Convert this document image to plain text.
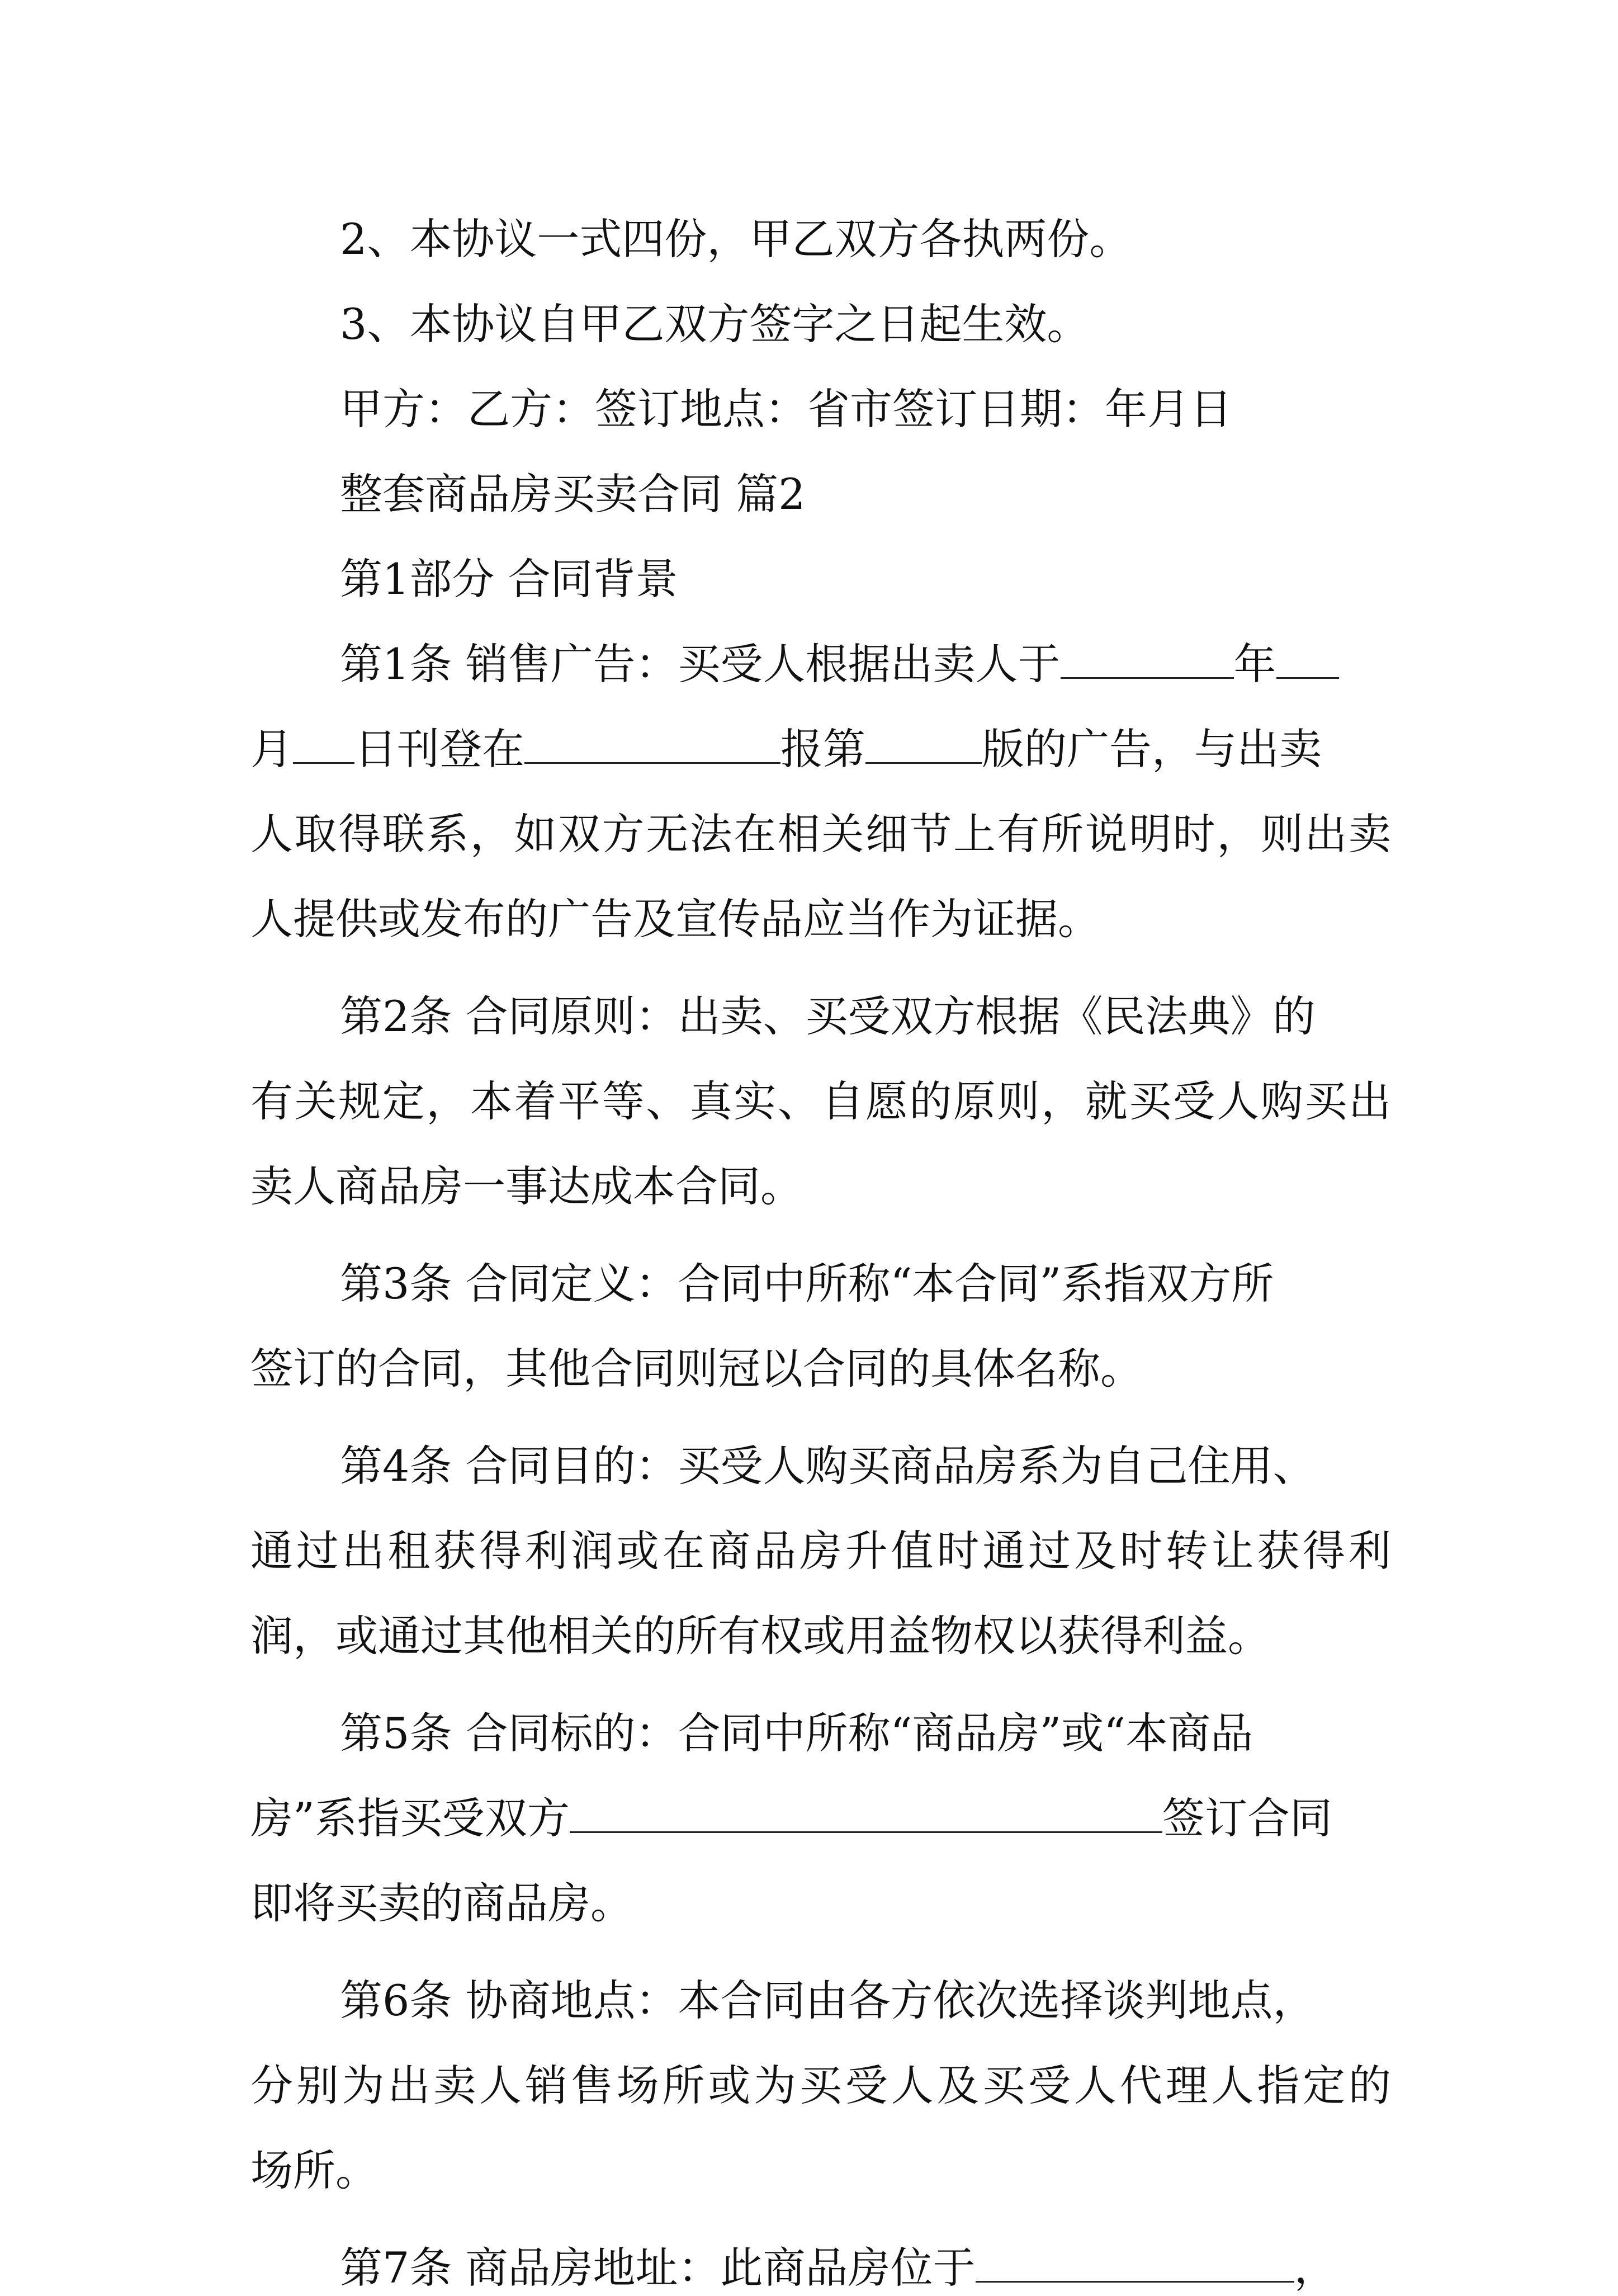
2、本协议一式四份，甲乙双方各执两份。
3、本协议自甲乙双方签字之日起生效。
甲方：乙方：签订地点：省市签订日期：年月日
整套商品房买卖合同 篇2
第1部分 合同背景
第1条 销售广告：买受人根据出卖人于	年
月 日刊登在	报第	版的广告，与出卖
人取得联系，如双方无法在相关细节上有所说明时，则出卖
人提供或发布的广告及宣传品应当作为证据。
第2条 合同原则：出卖、买受双方根据《民法典》的
有关规定，本着平等、真实、自愿的原则，就买受人购买出
卖人商品房一事达成本合同。
第3条 合同定义：合同中所称“本合同”系指双方所
签订的合同，其他合同则冠以合同的具体名称。
第4条 合同目的：买受人购买商品房系为自己住用、
通过出租获得利润或在商品房升值时通过及时转让获得利
润，或通过其他相关的所有权或用益物权以获得利益。
第5条 合同标的：合同中所称“商品房”或“本商品
房”系指买受双方	签订合同
即将买卖的商品房。
第6条 协商地点：本合同由各方依次选择谈判地点，
分别为出卖人销售场所或为买受人及买受人代理人指定的
场所。
第7条 商品房地址：此商品房位于	，
